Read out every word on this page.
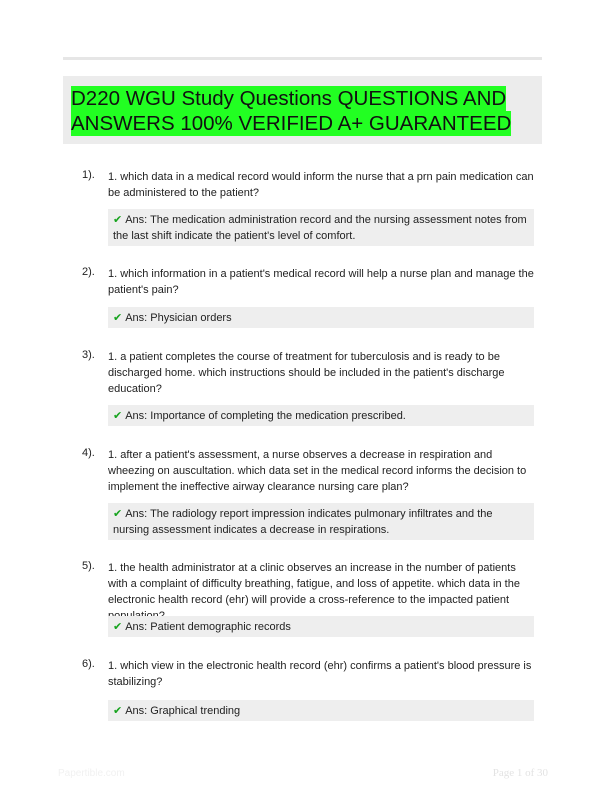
D220 WGU Study Questions QUESTIONS AND ANSWERS 100% VERIFIED A+ GUARANTEED
1). 1. which data in a medical record would inform the nurse that a prn pain medication can be administered to the patient?
✔ Ans: The medication administration record and the nursing assessment notes from the last shift indicate the patient's level of comfort.
2). 1. which information in a patient's medical record will help a nurse plan and manage the patient's pain?
✔ Ans: Physician orders
3). 1. a patient completes the course of treatment for tuberculosis and is ready to be discharged home. which instructions should be included in the patient's discharge education?
✔ Ans: Importance of completing the medication prescribed.
4). 1. after a patient's assessment, a nurse observes a decrease in respiration and wheezing on auscultation. which data set in the medical record informs the decision to implement the ineffective airway clearance nursing care plan?
✔ Ans: The radiology report impression indicates pulmonary infiltrates and the nursing assessment indicates a decrease in respirations.
5). 1. the health administrator at a clinic observes an increase in the number of patients with a complaint of difficulty breathing, fatigue, and loss of appetite. which data in the electronic health record (ehr) will provide a cross-reference to the impacted patient
✔ Ans: Patient demographic records
6). 1. which view in the electronic health record (ehr) confirms a patient's blood pressure is stabilizing?
✔ Ans: Graphical trending
Papertible.com	Page 1 of 30
